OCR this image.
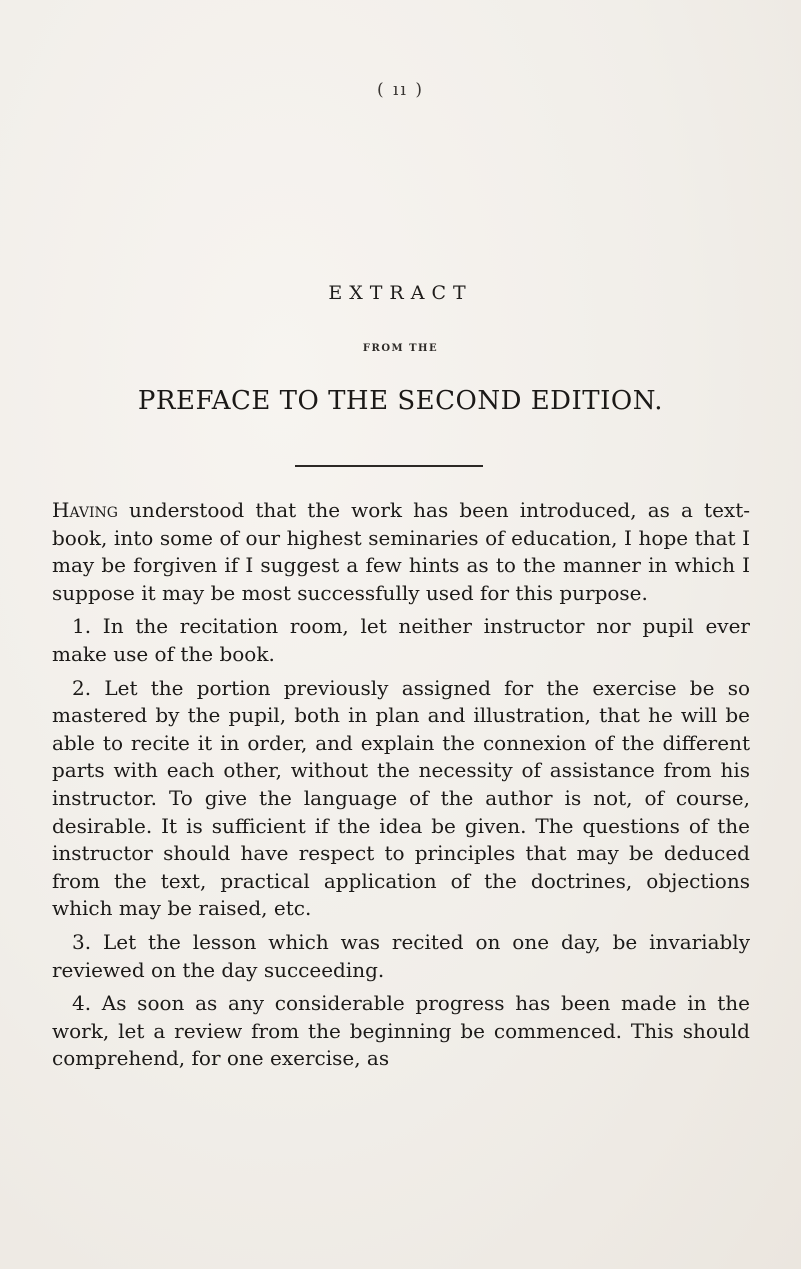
( ıı )
EXTRACT
FROM THE
PREFACE TO THE SECOND EDITION.

Having understood that the work has been introduced, as a text-book, into some of our highest seminaries of education, I hope that I may be forgiven if I suggest a few hints as to the manner in which I suppose it may be most successfully used for this purpose.

1. In the recitation room, let neither instructor nor pupil ever make use of the book.

2. Let the portion previously assigned for the exercise be so mastered by the pupil, both in plan and illustration, that he will be able to recite it in order, and explain the connexion of the different parts with each other, without the necessity of assistance from his instructor. To give the language of the author is not, of course, desirable. It is sufficient if the idea be given. The questions of the instructor should have respect to principles that may be deduced from the text, practical application of the doctrines, objections which may be raised, etc.

3. Let the lesson which was recited on one day, be invariably reviewed on the day succeeding.

4. As soon as any considerable progress has been made in the work, let a review from the beginning be commenced. This should comprehend, for one exercise, as
